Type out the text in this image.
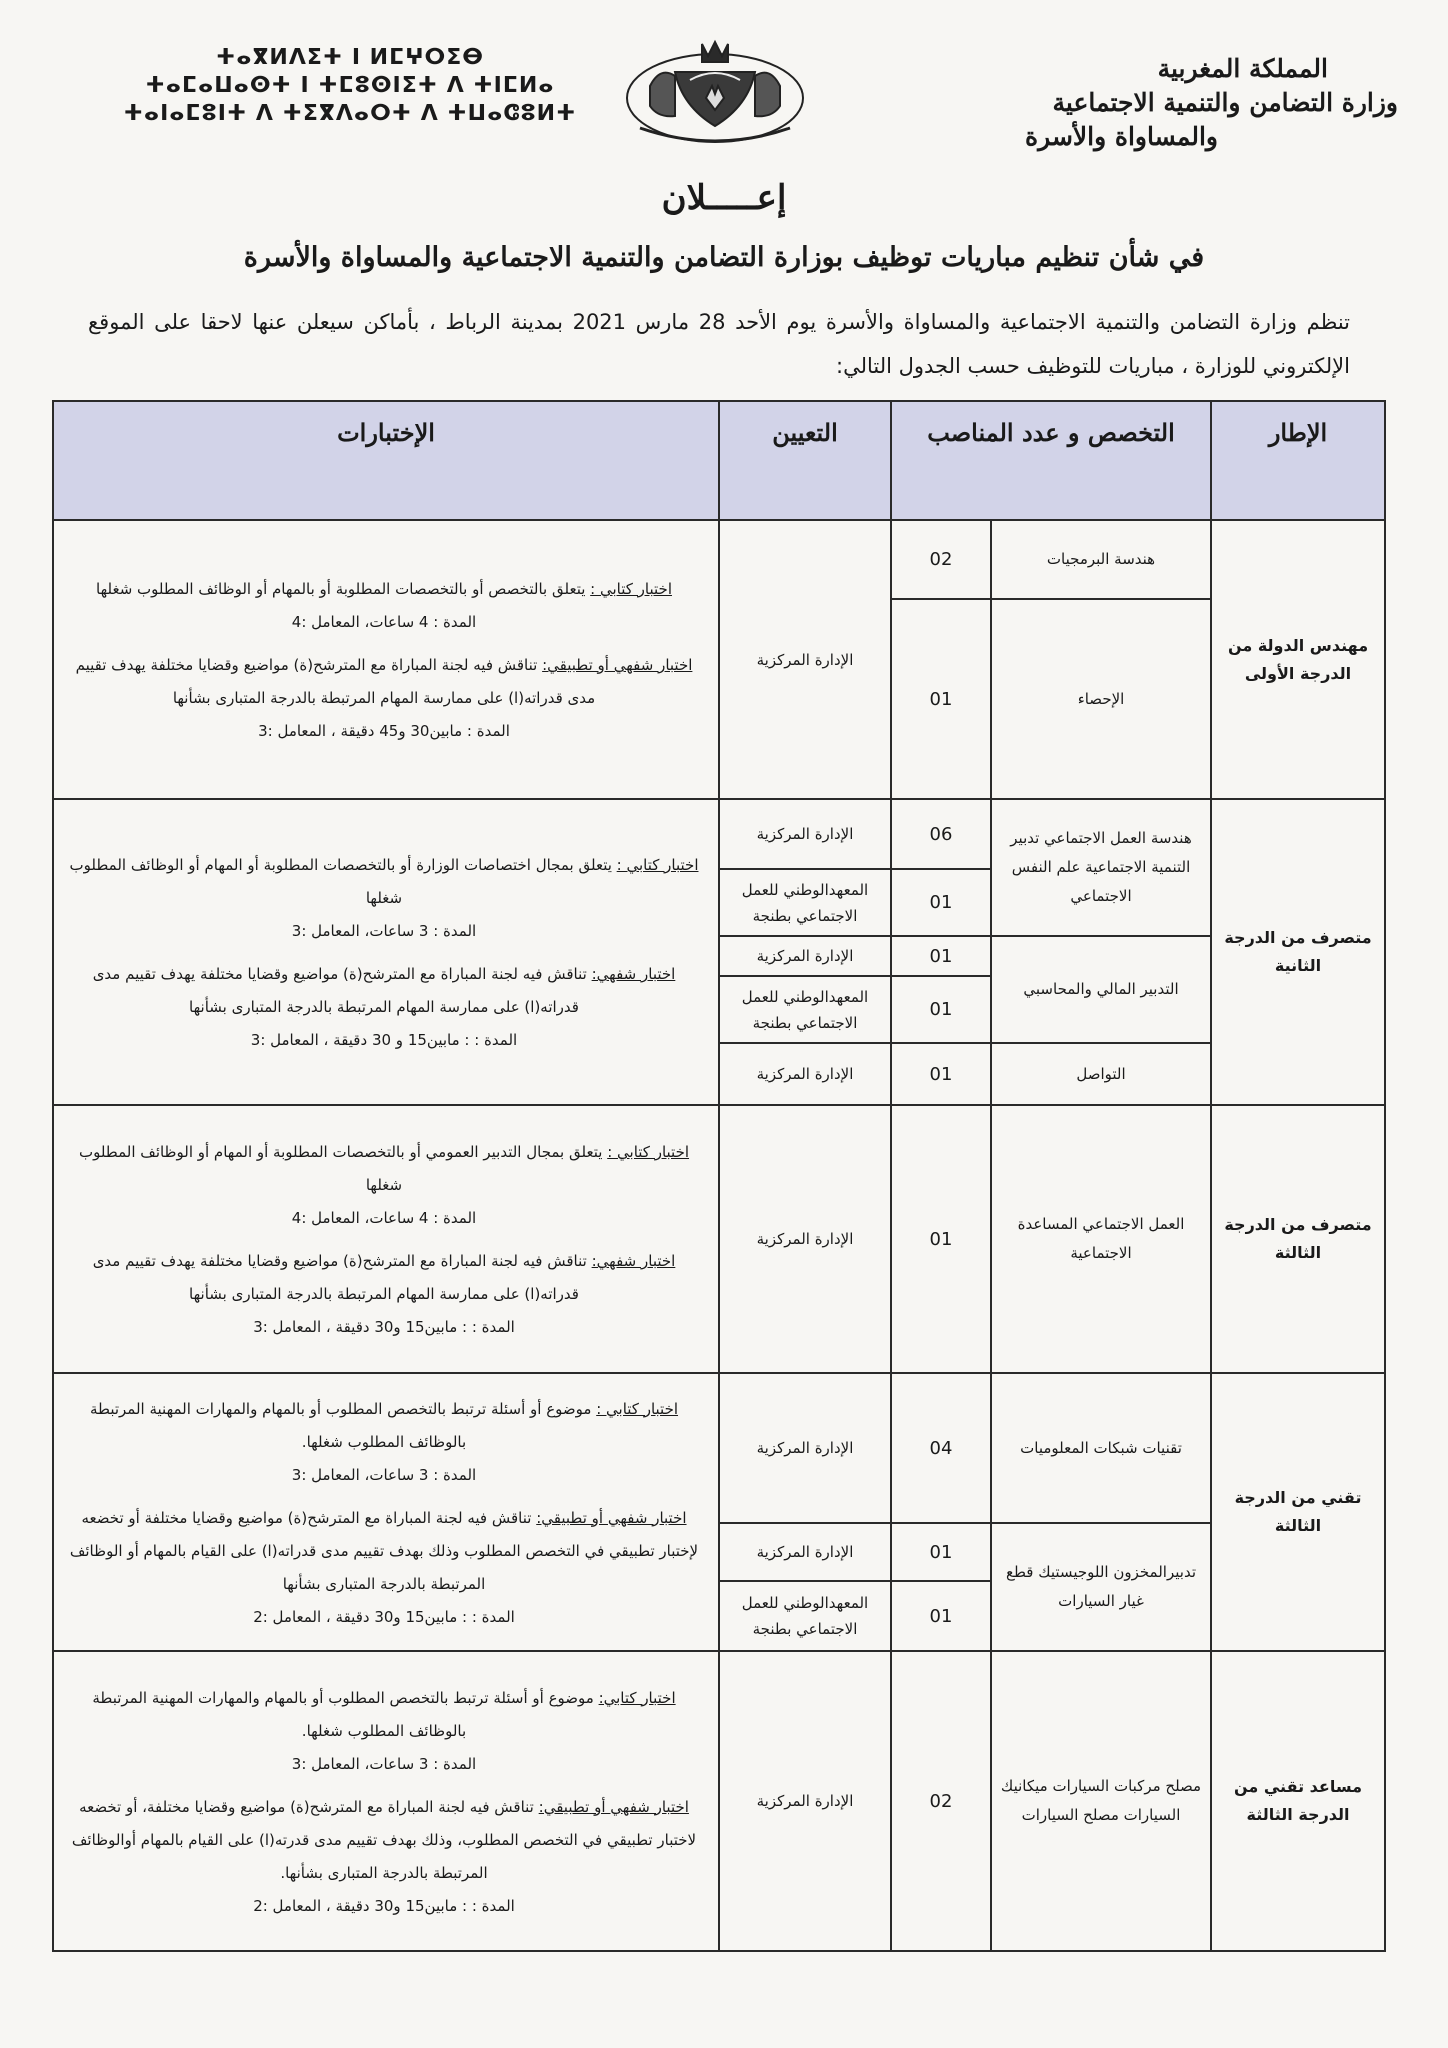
المملكة المغربية
وزارة التضامن والتنمية الاجتماعية
والمساواة والأسرة
ⵜⴰⴳⵍⴷⵉⵜ ⵏ ⵍⵎⵖⵔⵉⴱ
ⵜⴰⵎⴰⵡⴰⵙⵜ ⵏ ⵜⵎⵓⵙⵏⵉⵜ ⴷ ⵜⵏⵎⵍⴰ
ⵜⴰⵏⴰⵎⵓⵏⵜ ⴷ ⵜⵉⴳⴷⴰⵔⵜ ⴷ ⵜⵡⴰⵛⵓⵍⵜ
إعـــــلان
في شأن تنظيم مباريات توظيف بوزارة التضامن والتنمية الاجتماعية والمساواة والأسرة
تنظم وزارة التضامن والتنمية الاجتماعية والمساواة والأسرة يوم الأحد 28 مارس 2021 بمدينة الرباط ، بأماكن سيعلن عنها لاحقا على الموقع الإلكتروني للوزارة ، مباريات للتوظيف حسب الجدول التالي:
الإطار	التخصص و عدد المناصب		التعيين	الإختبارات
مهندس الدولة من الدرجة الأولى	هندسة البرمجيات	02	الإدارة المركزية	اختبار كتابي : يتعلق بالتخصص أو بالتخصصات المطلوبة أو بالمهام أو الوظائف المطلوب شغلها
المدة : 4 ساعات، المعامل :4
اختبار شفهي أو تطبيقي: تناقش فيه لجنة المباراة مع المترشح(ة) مواضيع وقضايا مختلفة يهدف تقييم مدى قدراته(ا) على ممارسة المهام المرتبطة بالدرجة المتبارى بشأنها
المدة : مابين30 و45 دقيقة ، المعامل :3

	الإحصاء	01		
متصرف من الدرجة الثانية	هندسة العمل الاجتماعي تدبير التنمية الاجتماعية علم النفس الاجتماعي	06	الإدارة المركزية	اختبار كتابي : يتعلق بمجال اختصاصات الوزارة أو بالتخصصات المطلوبة أو المهام أو الوظائف المطلوب شغلها
المدة : 3 ساعات، المعامل :3
اختبار شفهي: تناقش فيه لجنة المباراة مع المترشح(ة) مواضيع وقضايا مختلفة يهدف تقييم مدى قدراته(ا) على ممارسة المهام المرتبطة بالدرجة المتبارى بشأنها
المدة : : مابين15 و 30 دقيقة ، المعامل :3

		01	المعهدالوطني للعمل الاجتماعي بطنجة	
	التدبير المالي والمحاسبي	01	الإدارة المركزية	
		01	المعهدالوطني للعمل الاجتماعي بطنجة	
	التواصل	01	الإدارة المركزية	
متصرف من الدرجة الثالثة	العمل الاجتماعي المساعدة الاجتماعية	01	الإدارة المركزية	اختبار كتابي : يتعلق بمجال التدبير العمومي أو بالتخصصات المطلوبة أو المهام أو الوظائف المطلوب شغلها
المدة : 4 ساعات، المعامل :4
اختبار شفهي: تناقش فيه لجنة المباراة مع المترشح(ة) مواضيع وقضايا مختلفة يهدف تقييم مدى قدراته(ا) على ممارسة المهام المرتبطة بالدرجة المتبارى بشأنها
المدة : : مابين15 و30 دقيقة ، المعامل :3

تقني من الدرجة الثالثة	تقنيات شبكات المعلوميات	04	الإدارة المركزية	اختبار كتابي : موضوع أو أسئلة ترتبط بالتخصص المطلوب أو بالمهام والمهارات المهنية المرتبطة بالوظائف المطلوب شغلها.
المدة : 3 ساعات، المعامل :3
اختبار شفهي أو تطبيقي: تناقش فيه لجنة المباراة مع المترشح(ة) مواضيع وقضايا مختلفة أو تخضعه لإختبار تطبيقي في التخصص المطلوب وذلك بهدف تقييم مدى قدراته(ا) على القيام بالمهام أو الوظائف المرتبطة بالدرجة المتبارى بشأنها
المدة : : مابين15 و30 دقيقة ، المعامل :2

	تدبيرالمخزون اللوجيستيك قطع غيار السيارات	01	الإدارة المركزية	
		01	المعهدالوطني للعمل الاجتماعي بطنجة	
مساعد تقني من الدرجة الثالثة	مصلح مركبات السيارات ميكانيك السيارات مصلح السيارات	02	الإدارة المركزية	اختبار كتابي: موضوع أو أسئلة ترتبط بالتخصص المطلوب أو بالمهام والمهارات المهنية المرتبطة بالوظائف المطلوب شغلها.
المدة : 3 ساعات، المعامل :3
اختبار شفهي أو تطبيقي: تناقش فيه لجنة المباراة مع المترشح(ة) مواضيع وقضايا مختلفة، أو تخضعه لاختبار تطبيقي في التخصص المطلوب، وذلك بهدف تقييم مدى قدرته(ا) على القيام بالمهام أوالوظائف المرتبطة بالدرجة المتبارى بشأنها.
المدة : : مابين15 و30 دقيقة ، المعامل :2
